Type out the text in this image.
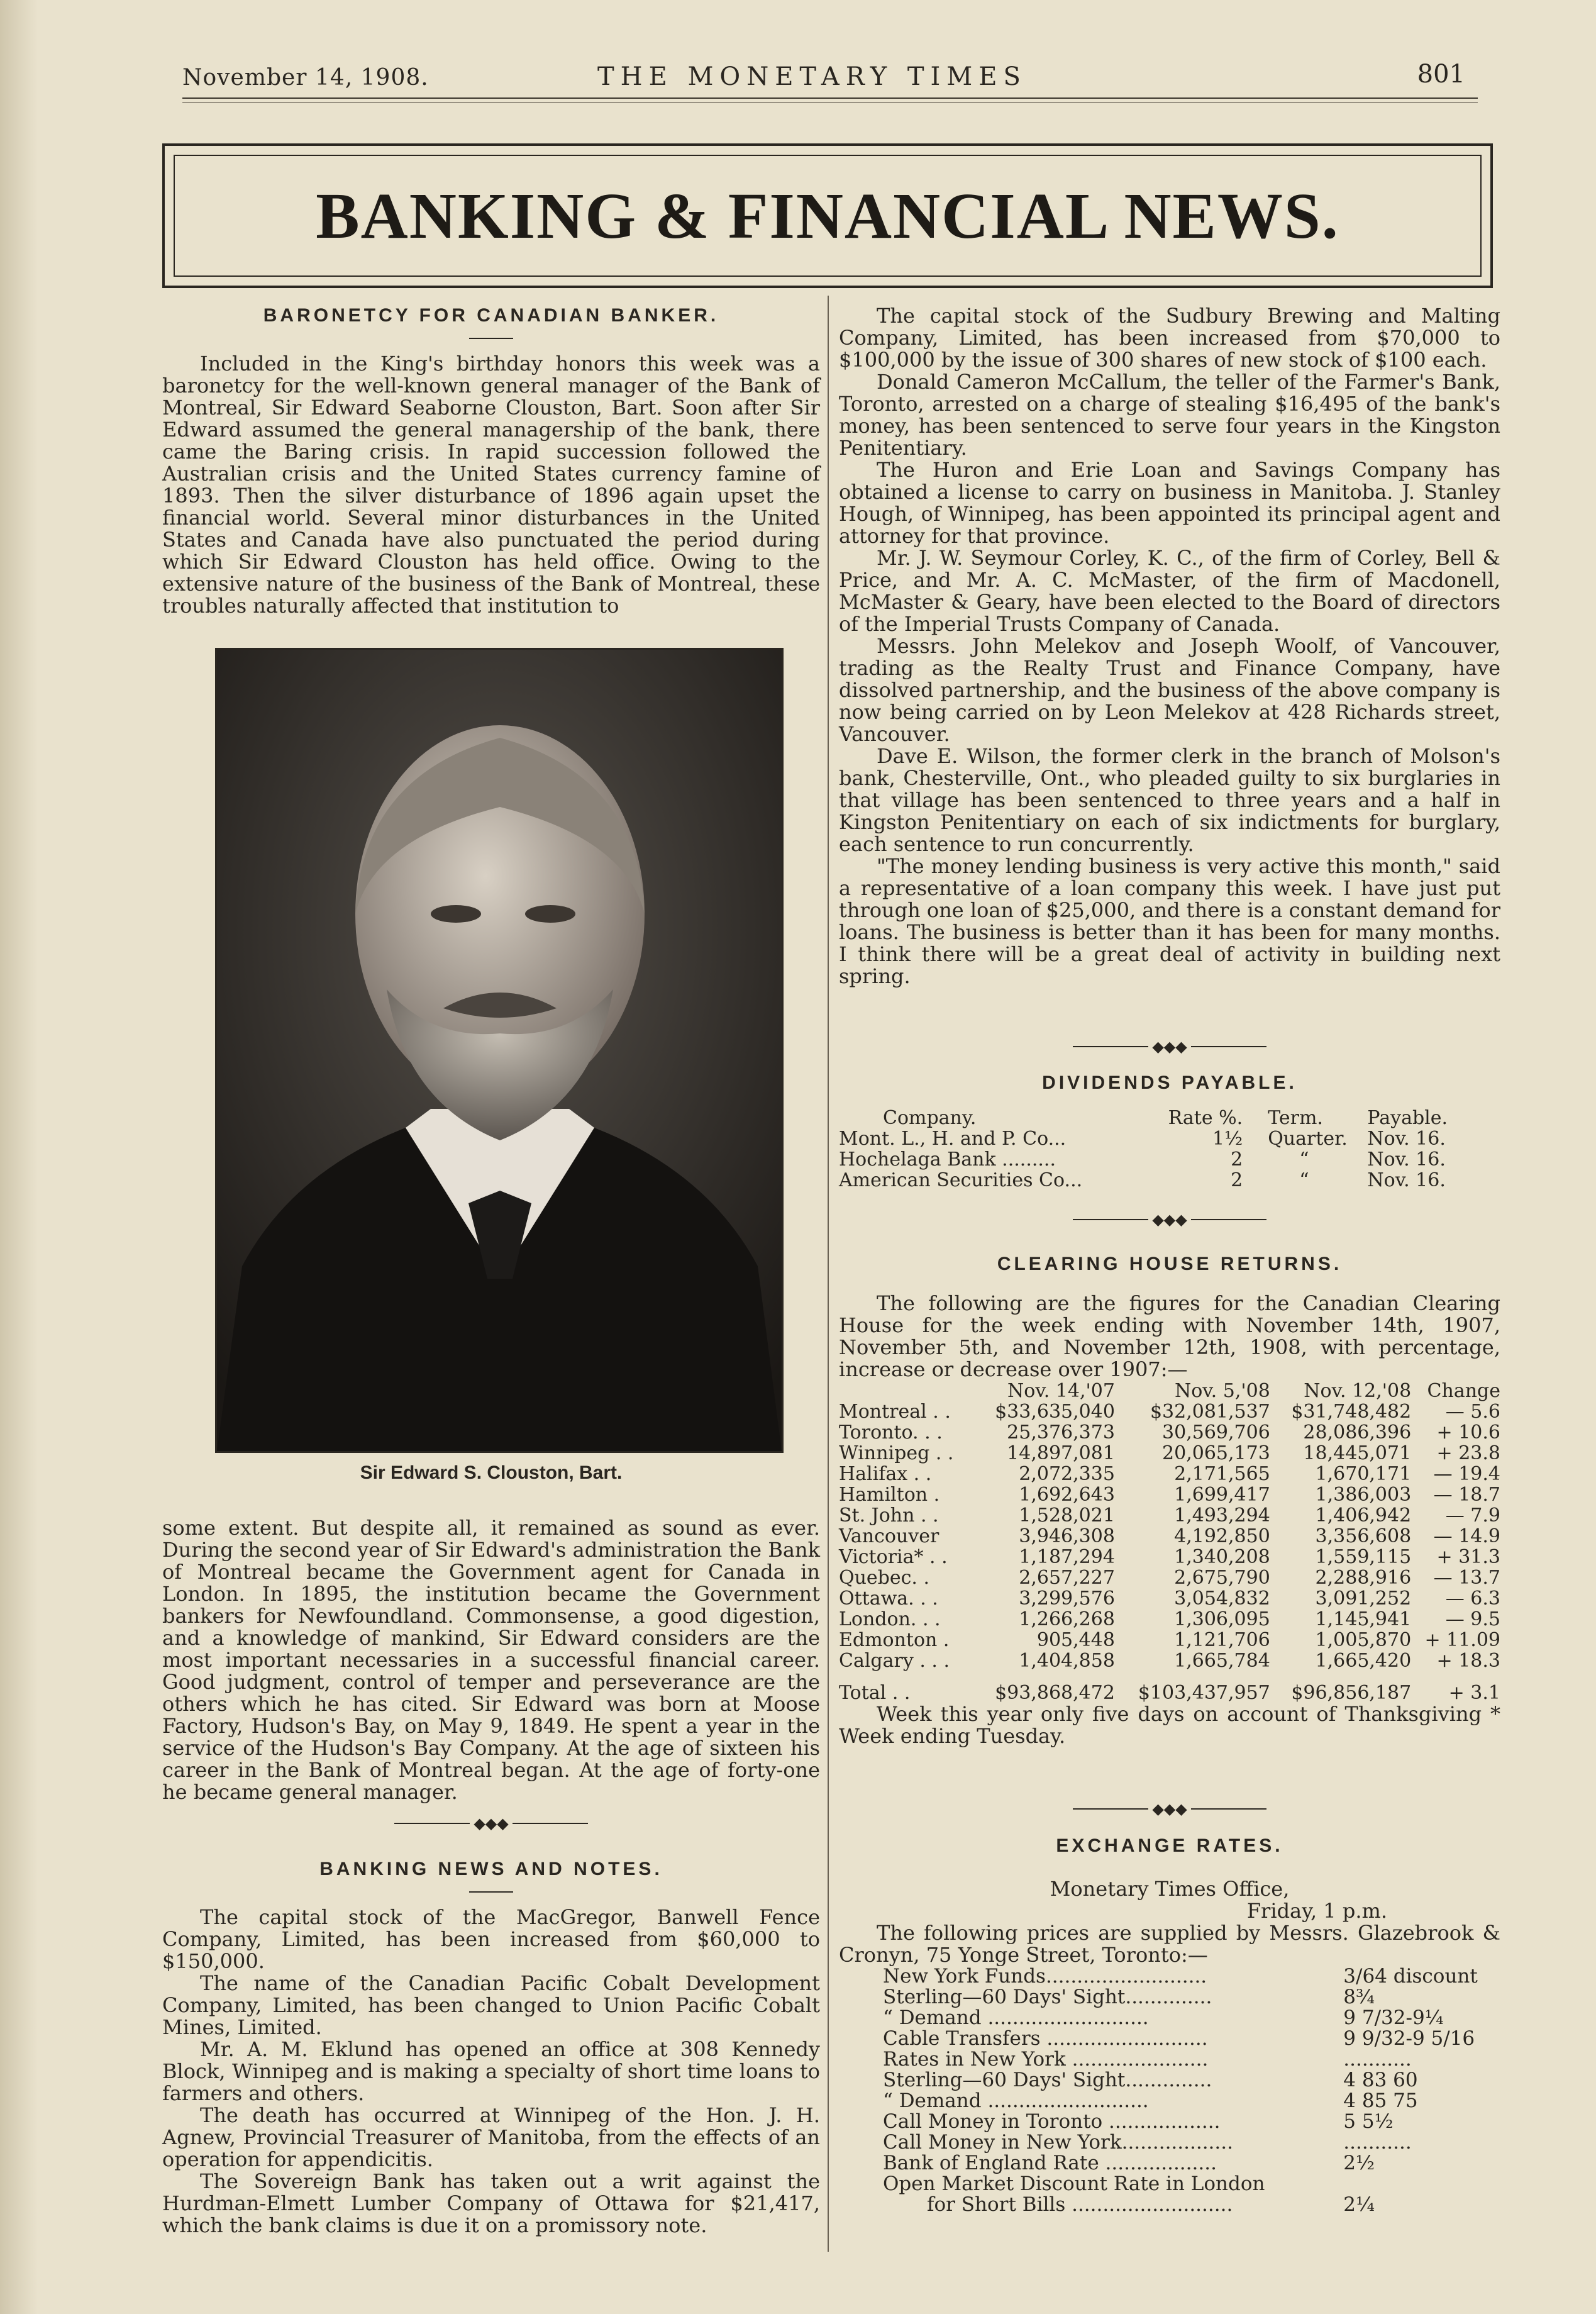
November 14, 1908.	THE MONETARY TIMES	801
BANKING & FINANCIAL NEWS.
BARONETCY FOR CANADIAN BANKER.

Included in the King's birthday honors this week was a baronetcy for the well-known general manager of the Bank of Montreal, Sir Edward Seaborne Clouston, Bart. Soon after Sir Edward assumed the general managership of the bank, there came the Baring crisis. In rapid succession followed the Australian crisis and the United States currency famine of 1893. Then the silver disturbance of 1896 again upset the financial world. Several minor disturbances in the United States and Canada have also punctuated the period during which Sir Edward Clouston has held office. Owing to the extensive nature of the business of the Bank of Montreal, these troubles naturally affected that institution to

Sir Edward S. Clouston, Bart.

some extent. But despite all, it remained as sound as ever. During the second year of Sir Edward's administration the Bank of Montreal became the Government agent for Canada in London. In 1895, the institution became the Government bankers for Newfoundland. Commonsense, a good digestion, and a knowledge of mankind, Sir Edward considers are the most important necessaries in a successful financial career. Good judgment, control of temper and perseverance are the others which he has cited. Sir Edward was born at Moose Factory, Hudson's Bay, on May 9, 1849. He spent a year in the service of the Hudson's Bay Company. At the age of sixteen his career in the Bank of Montreal began. At the age of forty-one he became general manager.

◆◆◆
BANKING NEWS AND NOTES.

The capital stock of the MacGregor, Banwell Fence Company, Limited, has been increased from $60,000 to $150,000.

The name of the Canadian Pacific Cobalt Development Company, Limited, has been changed to Union Pacific Cobalt Mines, Limited.

Mr. A. M. Eklund has opened an office at 308 Kennedy Block, Winnipeg and is making a specialty of short time loans to farmers and others.

The death has occurred at Winnipeg of the Hon. J. H. Agnew, Provincial Treasurer of Manitoba, from the effects of an operation for appendicitis.

The Sovereign Bank has taken out a writ against the Hurdman-Elmett Lumber Company of Ottawa for $21,417, which the bank claims is due it on a promissory note.

The capital stock of the Sudbury Brewing and Malting Company, Limited, has been increased from $70,000 to $100,000 by the issue of 300 shares of new stock of $100 each.

Donald Cameron McCallum, the teller of the Farmer's Bank, Toronto, arrested on a charge of stealing $16,495 of the bank's money, has been sentenced to serve four years in the Kingston Penitentiary.

The Huron and Erie Loan and Savings Company has obtained a license to carry on business in Manitoba. J. Stanley Hough, of Winnipeg, has been appointed its principal agent and attorney for that province.

Mr. J. W. Seymour Corley, K. C., of the firm of Corley, Bell & Price, and Mr. A. C. McMaster, of the firm of Macdonell, McMaster & Geary, have been elected to the Board of directors of the Imperial Trusts Company of Canada.

Messrs. John Melekov and Joseph Woolf, of Vancouver, trading as the Realty Trust and Finance Company, have dissolved partnership, and the business of the above company is now being carried on by Leon Melekov at 428 Richards street, Vancouver.

Dave E. Wilson, the former clerk in the branch of Molson's bank, Chesterville, Ont., who pleaded guilty to six burglaries in that village has been sentenced to three years and a half in Kingston Penitentiary on each of six indictments for burglary, each sentence to run concurrently.

"The money lending business is very active this month," said a representative of a loan company this week. I have just put through one loan of $25,000, and there is a constant demand for loans. The business is better than it has been for many months. I think there will be a great deal of activity in building next spring.

◆◆◆
DIVIDENDS PAYABLE.
Company.	Rate %.	Term.	Payable.
Mont. L., H. and P. Co...	1½	Quarter.	Nov. 16.
Hochelaga Bank .........	2	“	Nov. 16.
American Securities Co...	2	“	Nov. 16.
◆◆◆
CLEARING HOUSE RETURNS.

The following are the figures for the Canadian Clearing House for the week ending with November 14th, 1907, November 5th, and November 12th, 1908, with percentage, increase or decrease over 1907:—

	Nov. 14,'07	Nov. 5,'08	Nov. 12,'08	Change
Montreal . .	$33,635,040	$32,081,537	$31,748,482	— 5.6
Toronto. . .	25,376,373	30,569,706	28,086,396	+ 10.6
Winnipeg . .	14,897,081	20,065,173	18,445,071	+ 23.8
Halifax . .	2,072,335	2,171,565	1,670,171	— 19.4
Hamilton .	1,692,643	1,699,417	1,386,003	— 18.7
St. John . .	1,528,021	1,493,294	1,406,942	— 7.9
Vancouver	3,946,308	4,192,850	3,356,608	— 14.9
Victoria* . .	1,187,294	1,340,208	1,559,115	+ 31.3
Quebec. .	2,657,227	2,675,790	2,288,916	— 13.7
Ottawa. . .	3,299,576	3,054,832	3,091,252	— 6.3
London. . .	1,266,268	1,306,095	1,145,941	— 9.5
Edmonton .	905,448	1,121,706	1,005,870	+ 11.09
Calgary . . .	1,404,858	1,665,784	1,665,420	+ 18.3

Total . .	$93,868,472	$103,437,957	$96,856,187	+ 3.1

Week this year only five days on account of Thanksgiving * Week ending Tuesday.

◆◆◆
EXCHANGE RATES.
Monetary Times Office,
Friday, 1 p.m.

The following prices are supplied by Messrs. Glazebrook & Cronyn, 75 Yonge Street, Toronto:—

New York Funds..........................	3/64 discount
Sterling—60 Days' Sight..............	8¾
“ Demand ..........................	9 7/32-9¼
Cable Transfers ..........................	9 9/32-9 5/16
Rates in New York ......................	...........
Sterling—60 Days' Sight..............	4 83 60
“ Demand ..........................	4 85 75
Call Money in Toronto ..................	5 5½
Call Money in New York..................	...........
Bank of England Rate ..................	2½
Open Market Discount Rate in London	
for Short Bills ..........................	2¼
